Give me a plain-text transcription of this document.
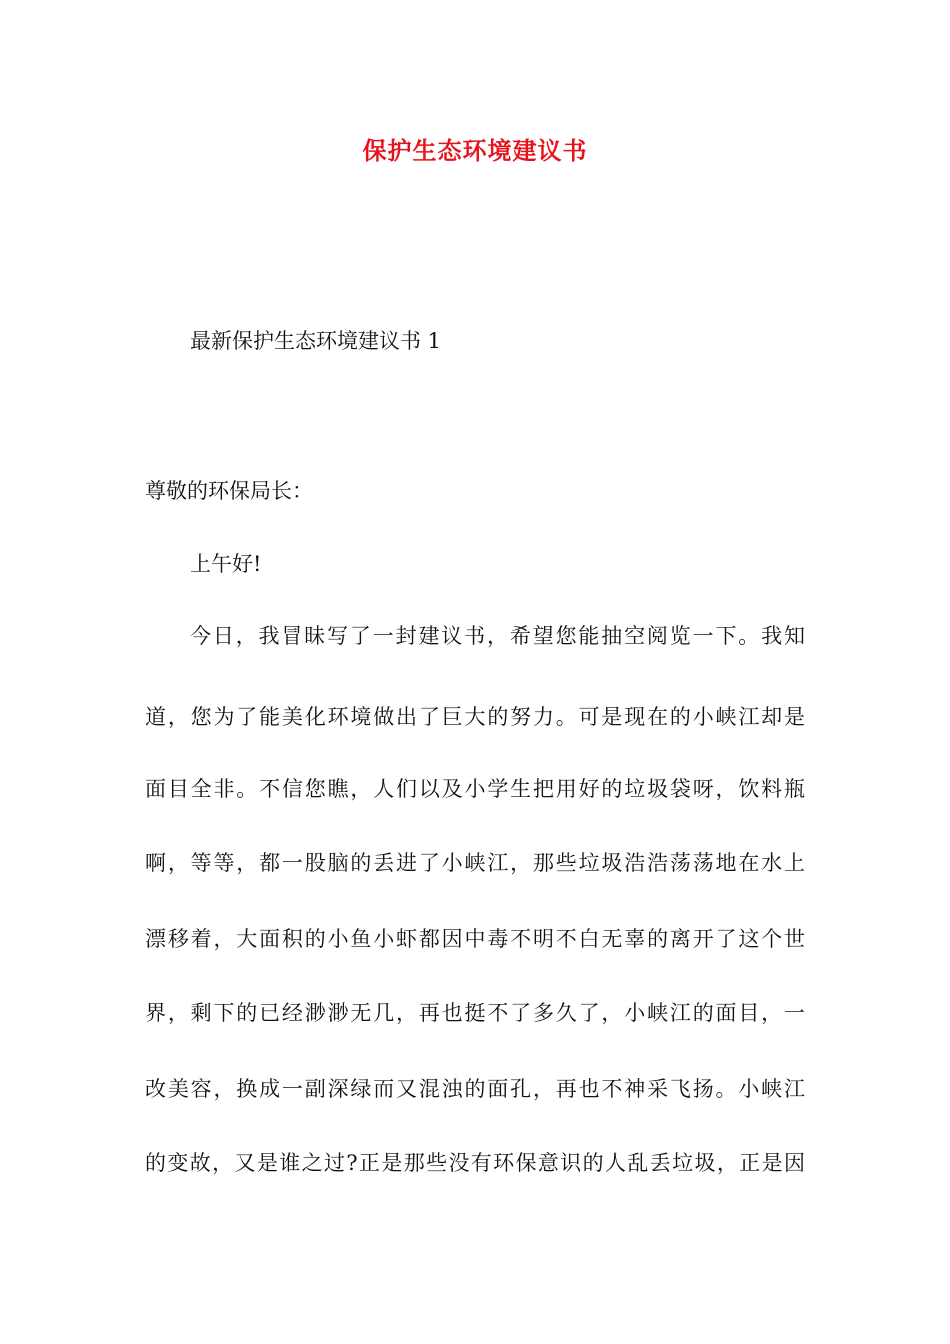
保护生态环境建议书
最新保护生态环境建议书 1
尊敬的环保局长：
上午好!
今日，我冒昧写了一封建议书，希望您能抽空阅览一下。我知
道，您为了能美化环境做出了巨大的努力。可是现在的小峡江却是
面目全非。不信您瞧，人们以及小学生把用好的垃圾袋呀，饮料瓶
啊，等等，都一股脑的丢进了小峡江，那些垃圾浩浩荡荡地在水上
漂移着，大面积的小鱼小虾都因中毒不明不白无辜的离开了这个世
界，剩下的已经渺渺无几，再也挺不了多久了，小峡江的面目，一
改美容，换成一副深绿而又混浊的面孔，再也不神采飞扬。小峡江
的变故，又是谁之过?正是那些没有环保意识的人乱丢垃圾，正是因
